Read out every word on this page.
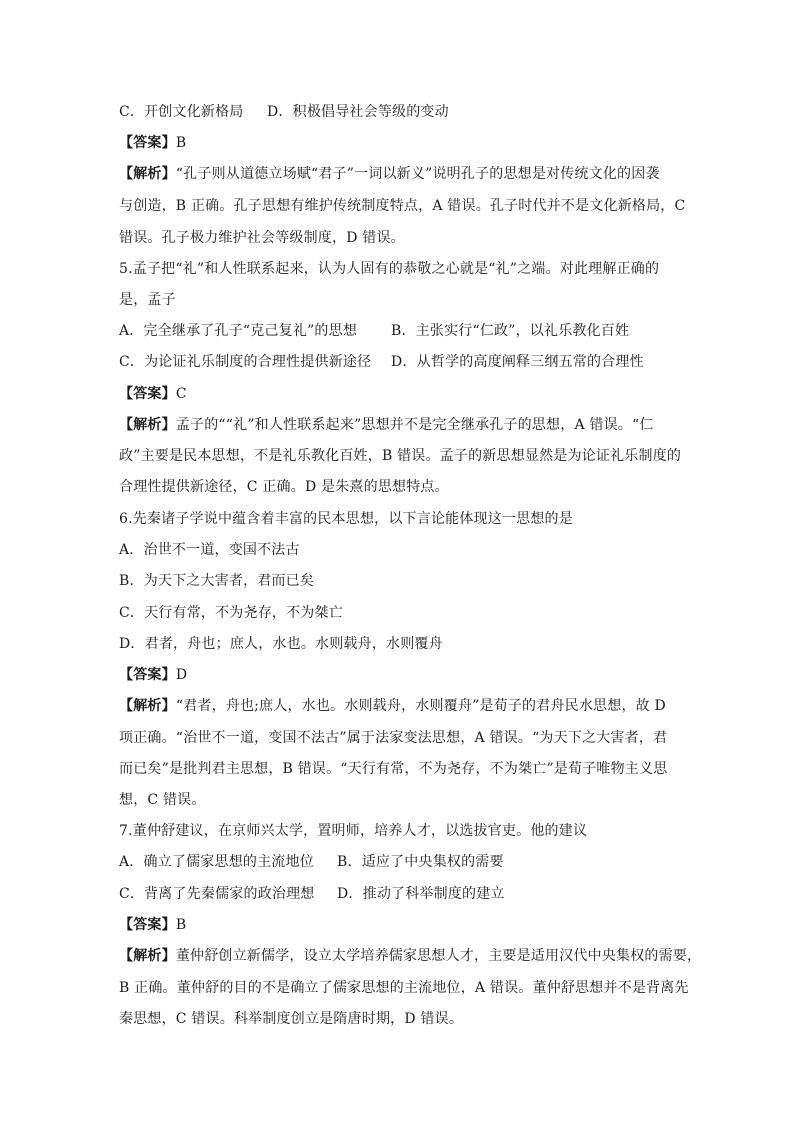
C．开创文化新格局 D．积极倡导社会等级的变动
【答案】B
【解析】“孔子则从道德立场赋“君子”一词以新义”说明孔子的思想是对传统文化的因袭
与创造，B 正确。孔子思想有维护传统制度特点，A 错误。孔子时代并不是文化新格局，C
错误。孔子极力维护社会等级制度，D 错误。
5.孟子把“礼”和人性联系起来，认为人固有的恭敬之心就是“礼”之端。对此理解正确的
是，孟子
A．完全继承了孔子“克己复礼”的思想 B．主张实行“仁政”，以礼乐教化百姓
C．为论证礼乐制度的合理性提供新途径 D．从哲学的高度阐释三纲五常的合理性
【答案】C
【解析】孟子的““礼”和人性联系起来”思想并不是完全继承孔子的思想，A 错误。“仁
政”主要是民本思想，不是礼乐教化百姓，B 错误。孟子的新思想显然是为论证礼乐制度的
合理性提供新途径，C 正确。D 是朱熹的思想特点。
6.先秦诸子学说中蕴含着丰富的民本思想，以下言论能体现这一思想的是
A．治世不一道，变国不法古
B．为天下之大害者，君而已矣
C．天行有常，不为尧存，不为桀亡
D．君者，舟也；庶人，水也。水则载舟，水则覆舟
【答案】D
【解析】“君者，舟也;庶人，水也。水则载舟，水则覆舟”是荀子的君舟民水思想，故 D
项正确。“治世不一道，变国不法古”属于法家变法思想，A 错误。“为天下之大害者，君
而已矣”是批判君主思想，B 错误。“天行有常，不为尧存，不为桀亡”是荀子唯物主义思
想，C 错误。
7.董仲舒建议，在京师兴太学，置明师，培养人才，以选拔官吏。他的建议
A．确立了儒家思想的主流地位 B．适应了中央集权的需要
C．背离了先秦儒家的政治理想 D．推动了科举制度的建立
【答案】B
【解析】董仲舒创立新儒学，设立太学培养儒家思想人才，主要是适用汉代中央集权的需要，
B 正确。董仲舒的目的不是确立了儒家思想的主流地位，A 错误。董仲舒思想并不是背离先
秦思想，C 错误。科举制度创立是隋唐时期，D 错误。
